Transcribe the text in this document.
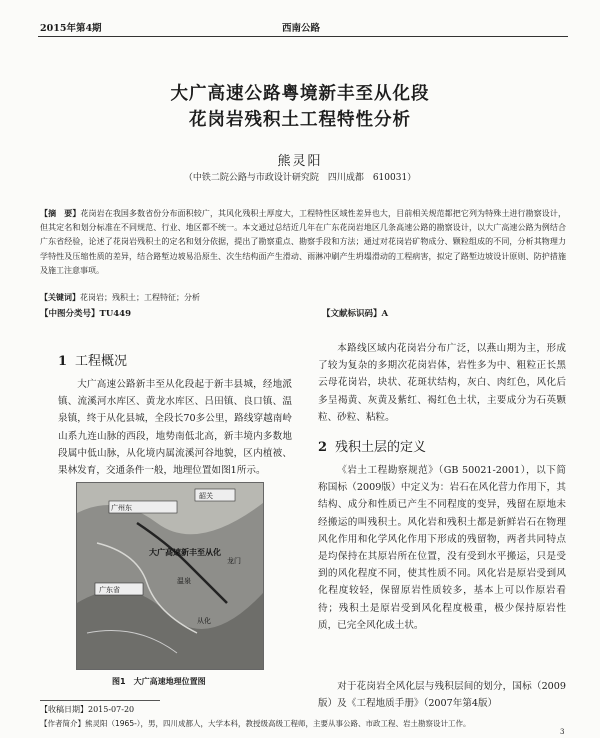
2015年第4期	西南公路
大广高速公路粤境新丰至从化段
花岗岩残积土工程特性分析
熊灵阳
（中铁二院公路与市政设计研究院　四川成都　610031）
【摘　要】花岗岩在我国多数省份分布面积较广，其风化残积土厚度大，工程特性区域性差异也大，目前相关规范都把它列为特殊土进行勘察设计，但其定名和划分标准在不同规范、行业、地区都不统一。本文通过总结近几年在广东花岗岩地区几条高速公路的勘察设计，以大广高速公路为例结合广东省经验，论述了花岗岩残积土的定名和划分依据，提出了勘察重点、勘察手段和方法；通过对花岗岩矿物成分、颗粒组成的不同，分析其物理力学特性及压缩性质的差异，结合路堑边坡易沿原生、次生结构面产生滑动、雨淋冲刷产生坍塌滑动的工程病害，拟定了路堑边坡设计原则、防护措施及施工注意事项。
【关键词】花岗岩；残积土；工程特征；分析
【中图分类号】TU449	【文献标识码】A
1 工程概况
大广高速公路新丰至从化段起于新丰县城，经地派镇、流溪河水库区、黄龙水库区、吕田镇、良口镇、温泉镇，终于从化县城，全段长70多公里，路线穿越南岭山系九连山脉的西段，地势南低北高，新丰境内多数地段属中低山脉，从化境内属流溪河谷地貌，区内植被、果林发育，交通条件一般，地理位置如图1所示。
广州东
韶关
大广高速新丰至从化
温泉
广东省
从化
龙门
图1　大广高速地理位置图
本路线区域内花岗岩分布广泛，以燕山期为主，形成了较为复杂的多期次花岗岩体，岩性多为中、粗粒正长黑云母花岗岩，块状、花斑状结构，灰白、肉红色，风化后多呈褐黄、灰黄及紫红、褐红色土状，主要成分为石英颗粒、砂粒、粘粒。
2 残积土层的定义
《岩土工程勘察规范》（GB 50021-2001），以下简称国标（2009版）中定义为：岩石在风化营力作用下，其结构、成分和性质已产生不同程度的变异，残留在原地未经搬运的叫残积土。风化岩和残积土都是新鲜岩石在物理风化作用和化学风化作用下形成的残留物，两者共同特点是均保持在其原岩所在位置，没有受到水平搬运，只是受到的风化程度不同，使其性质不同。风化岩是原岩受到风化程度较轻，保留原岩性质较多，基本上可以作原岩看待；残积土是原岩受到风化程度极重，极少保持原岩性质，已完全风化成土状。
对于花岗岩全风化层与残积层间的划分，国标（2009版）及《工程地质手册》（2007年第4版）
【收稿日期】2015-07-20
【作者简介】熊灵阳（1965-），男，四川成都人，大学本科，教授级高级工程师，主要从事公路、市政工程、岩土勘察设计工作。
3
